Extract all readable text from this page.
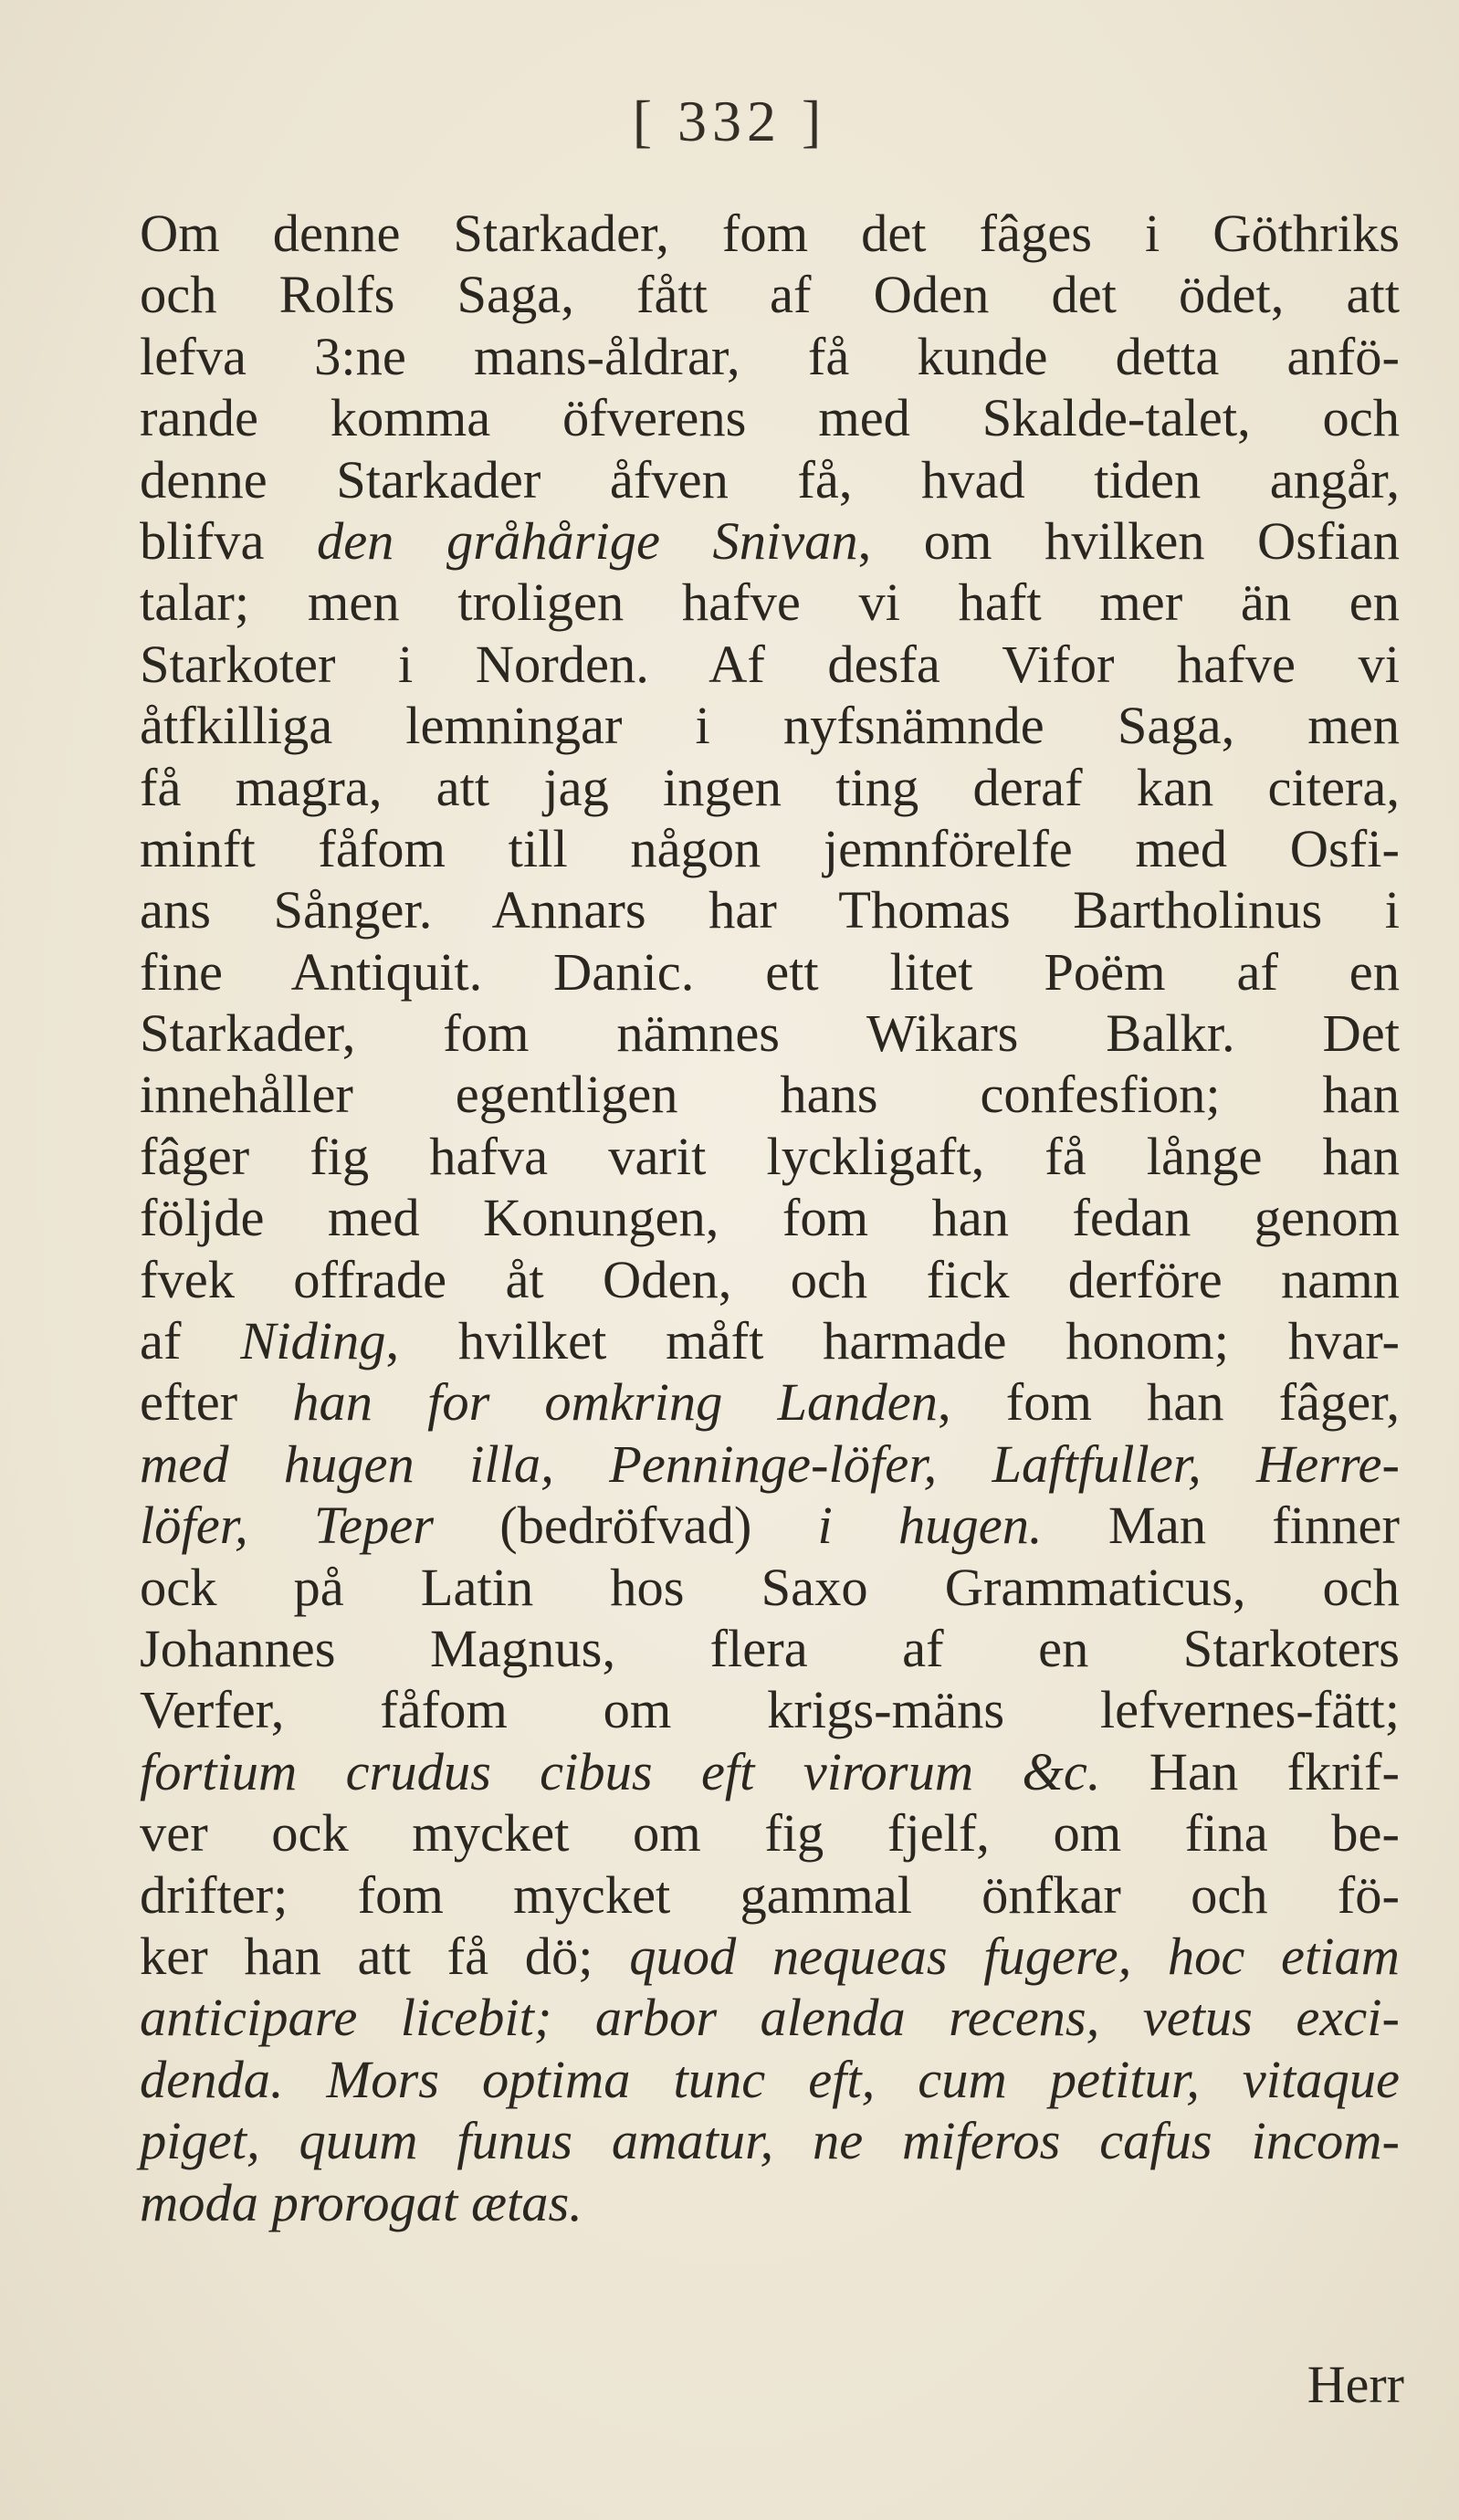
[ 332 ]
Om denne Starkader, fom det fâges i Göthriks
och Rolfs Saga, fått af Oden det ödet, att
lefva 3:ne mans-åldrar, få kunde detta anfö-
rande komma öfverens med Skalde-talet, och
denne Starkader åfven få, hvad tiden angår,
blifva den gråhårige Snivan, om hvilken Osfian
talar; men troligen hafve vi haft mer än en
Starkoter i Norden. Af desfa Vifor hafve vi
åtfkilliga lemningar i nyfsnämnde Saga, men
få magra, att jag ingen ting deraf kan citera,
minft fåfom till någon jemnförelfe med Osfi-
ans Sånger. Annars har Thomas Bartholinus i
fine Antiquit. Danic. ett litet Poëm af en
Starkader, fom nämnes Wikars Balkr. Det
innehåller egentligen hans confesfion; han
fâger fig hafva varit lyckligaft, få långe han
följde med Konungen, fom han fedan genom
fvek offrade åt Oden, och fick derföre namn
af Niding, hvilket måft harmade honom; hvar-
efter han for omkring Landen, fom han fâger,
med hugen illa, Penninge-löfer, Laftfuller, Herre-
löfer, Teper (bedröfvad) i hugen. Man finner
ock på Latin hos Saxo Grammaticus, och
Johannes Magnus, flera af en Starkoters
Verfer, fåfom om krigs-mäns lefvernes-fätt;
fortium crudus cibus eft virorum &c. Han fkrif-
ver ock mycket om fig fjelf, om fina be-
drifter; fom mycket gammal önfkar och fö-
ker han att få dö; quod nequeas fugere, hoc etiam
anticipare licebit; arbor alenda recens, vetus exci-
denda. Mors optima tunc eft, cum petitur, vitaque
piget, quum funus amatur, ne miferos cafus incom-
moda prorogat ætas.
Herr
